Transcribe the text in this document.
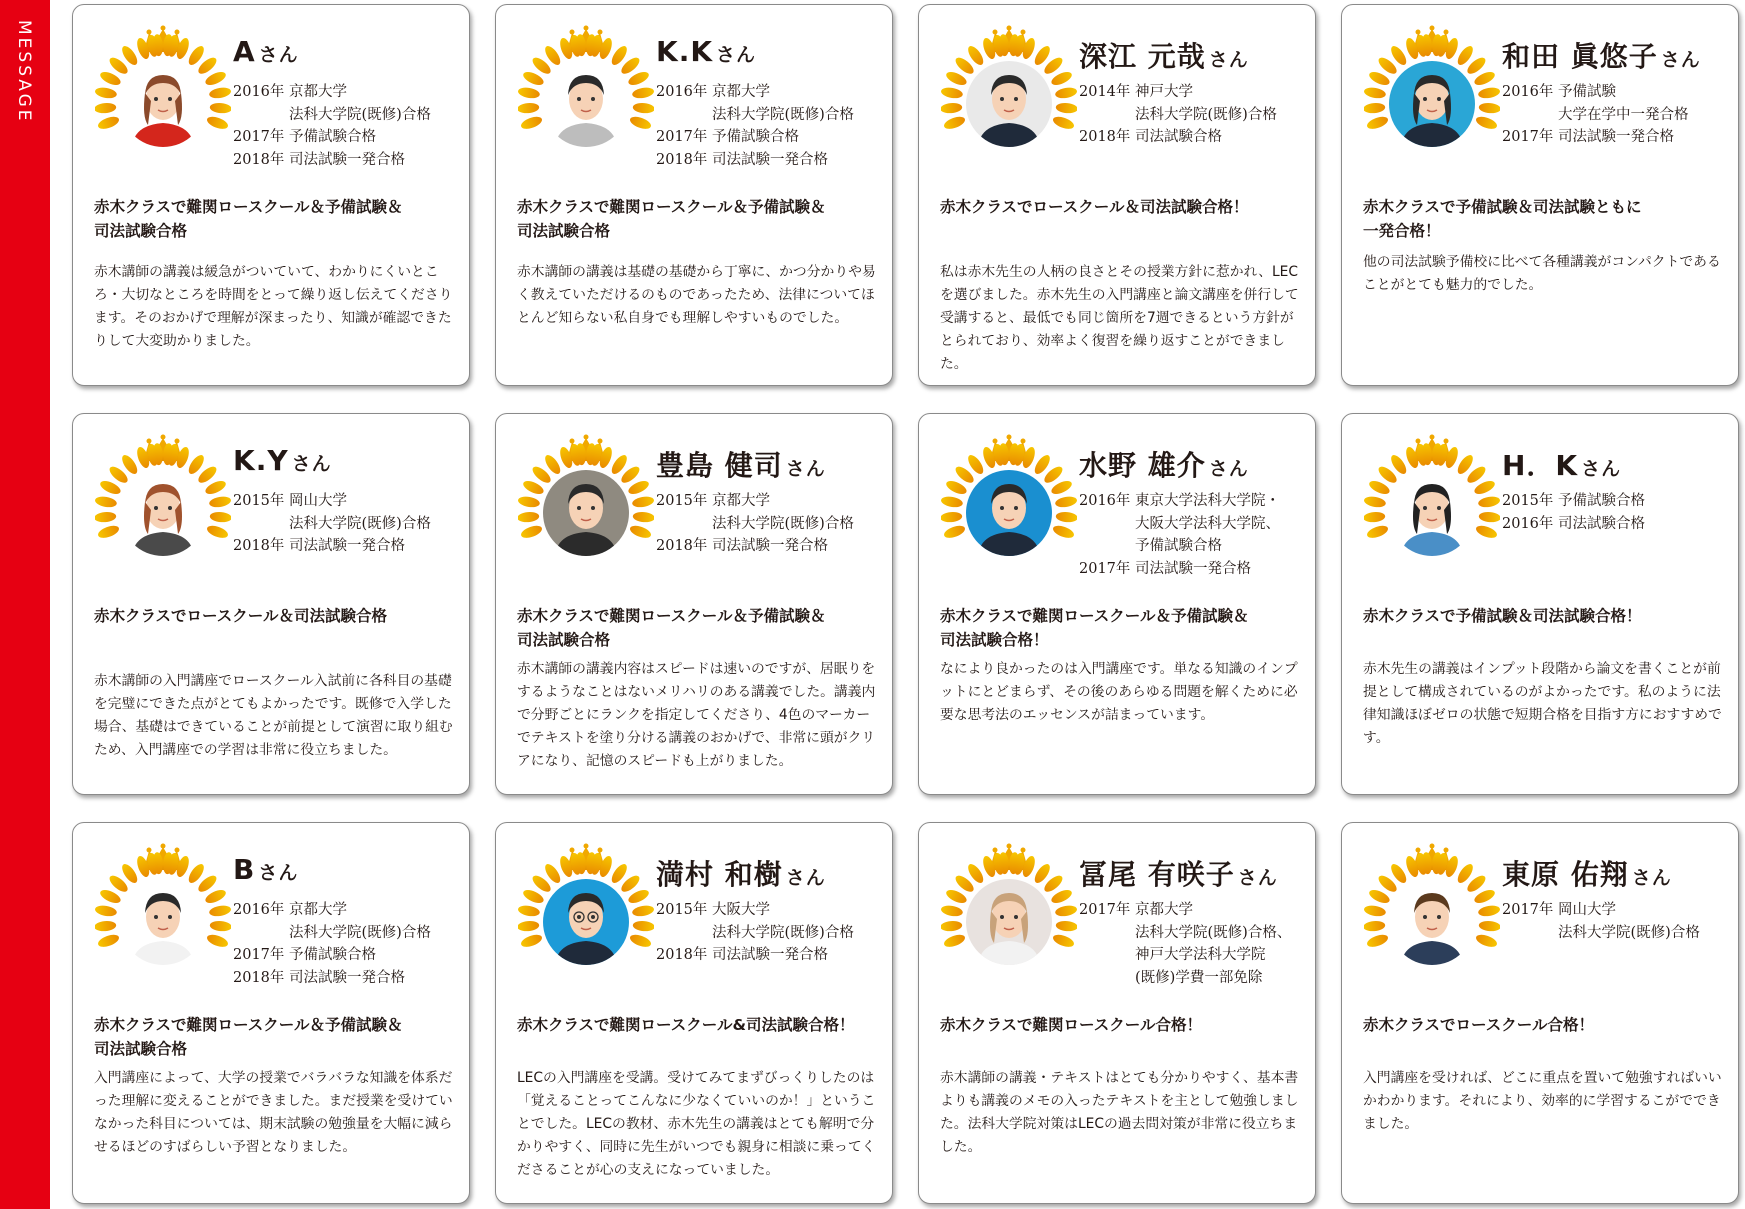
MESSAGE	A さん
2016年 京都大学
法科大学院(既修)合格
2017年 予備試験合格
2018年 司法試験一発合格
赤木クラスで難関ロースクール＆予備試験＆
司法試験合格
赤木講師の講義は緩急がついていて、わかりにくいところ・大切なところを時間をとって繰り返し伝えてくださります。そのおかげで理解が深まったり、知識が確認できたりして大変助かりました。
K.K さん
2016年 京都大学
法科大学院(既修)合格
2017年 予備試験合格
2018年 司法試験一発合格
赤木クラスで難関ロースクール＆予備試験＆
司法試験合格
赤木講師の講義は基礎の基礎から丁寧に、かつ分かりや易く教えていただけるのものであったため、法律についてほとんど知らない私自身でも理解しやすいものでした。
深江 元哉 さん
2014年 神戸大学
法科大学院(既修)合格
2018年 司法試験合格
赤木クラスでロースクール＆司法試験合格！
私は赤木先生の人柄の良さとその授業方針に惹かれ、LECを選びました。赤木先生の入門講座と論文講座を併行して受講すると、最低でも同じ箇所を7週できるという方針がとられており、効率よく復習を繰り返すことができました。
和田 眞悠子 さん
2016年 予備試験
大学在学中一発合格
2017年 司法試験一発合格
赤木クラスで予備試験＆司法試験ともに
一発合格！
他の司法試験予備校に比べて各種講義がコンパクトであることがとても魅力的でした。
K.Y さん
2015年 岡山大学
法科大学院(既修)合格
2018年 司法試験一発合格
赤木クラスでロースクール＆司法試験合格
赤木講師の入門講座でロースクール入試前に各科目の基礎を完璧にできた点がとてもよかったです。既修で入学した場合、基礎はできていることが前提として演習に取り組むため、入門講座での学習は非常に役立ちました。
豊島 健司 さん
2015年 京都大学
法科大学院(既修)合格
2018年 司法試験一発合格
赤木クラスで難関ロースクール＆予備試験＆
司法試験合格
赤木講師の講義内容はスピードは速いのですが、居眠りをするようなことはないメリハリのある講義でした。講義内で分野ごとにランクを指定してくださり、4色のマーカーでテキストを塗り分ける講義のおかげで、非常に頭がクリアになり、記憶のスピードも上がりました。
水野 雄介 さん
2016年 東京大学法科大学院・
大阪大学法科大学院、
予備試験合格
2017年 司法試験一発合格
赤木クラスで難関ロースクール＆予備試験＆
司法試験合格！
なにより良かったのは入門講座です。単なる知識のインプットにとどまらず、その後のあらゆる問題を解くために必要な思考法のエッセンスが詰まっています。
H．K さん
2015年 予備試験合格
2016年 司法試験合格
赤木クラスで予備試験＆司法試験合格！
赤木先生の講義はインプット段階から論文を書くことが前提として構成されているのがよかったです。私のように法律知識ほぼゼロの状態で短期合格を目指す方におすすめです。
B さん
2016年 京都大学
法科大学院(既修)合格
2017年 予備試験合格
2018年 司法試験一発合格
赤木クラスで難関ロースクール＆予備試験＆
司法試験合格
入門講座によって、大学の授業でバラバラな知識を体系だった理解に変えることができました。まだ授業を受けていなかった科目については、期末試験の勉強量を大幅に減らせるほどのすばらしい予習となりました。
満村 和樹 さん
2015年 大阪大学
法科大学院(既修)合格
2018年 司法試験一発合格
赤木クラスで難関ロースクール&司法試験合格！
LECの入門講座を受講。受けてみてまずびっくりしたのは「覚えることってこんなに少なくていいのか！」ということでした。LECの教材、赤木先生の講義はとても解明で分かりやすく、同時に先生がいつでも親身に相談に乗ってくださることが心の支えになっていました。
冨尾 有咲子 さん
2017年 京都大学
法科大学院(既修)合格、
神戸大学法科大学院
(既修)学費一部免除
赤木クラスで難関ロースクール合格！
赤木講師の講義・テキストはとても分かりやすく、基本書よりも講義のメモの入ったテキストを主として勉強しました。法科大学院対策はLECの過去問対策が非常に役立ちました。
東原 佑翔 さん
2017年 岡山大学
法科大学院(既修)合格
赤木クラスでロースクール合格！
入門講座を受ければ、どこに重点を置いて勉強すればいいかわかります。それにより、効率的に学習するこがでできました。
